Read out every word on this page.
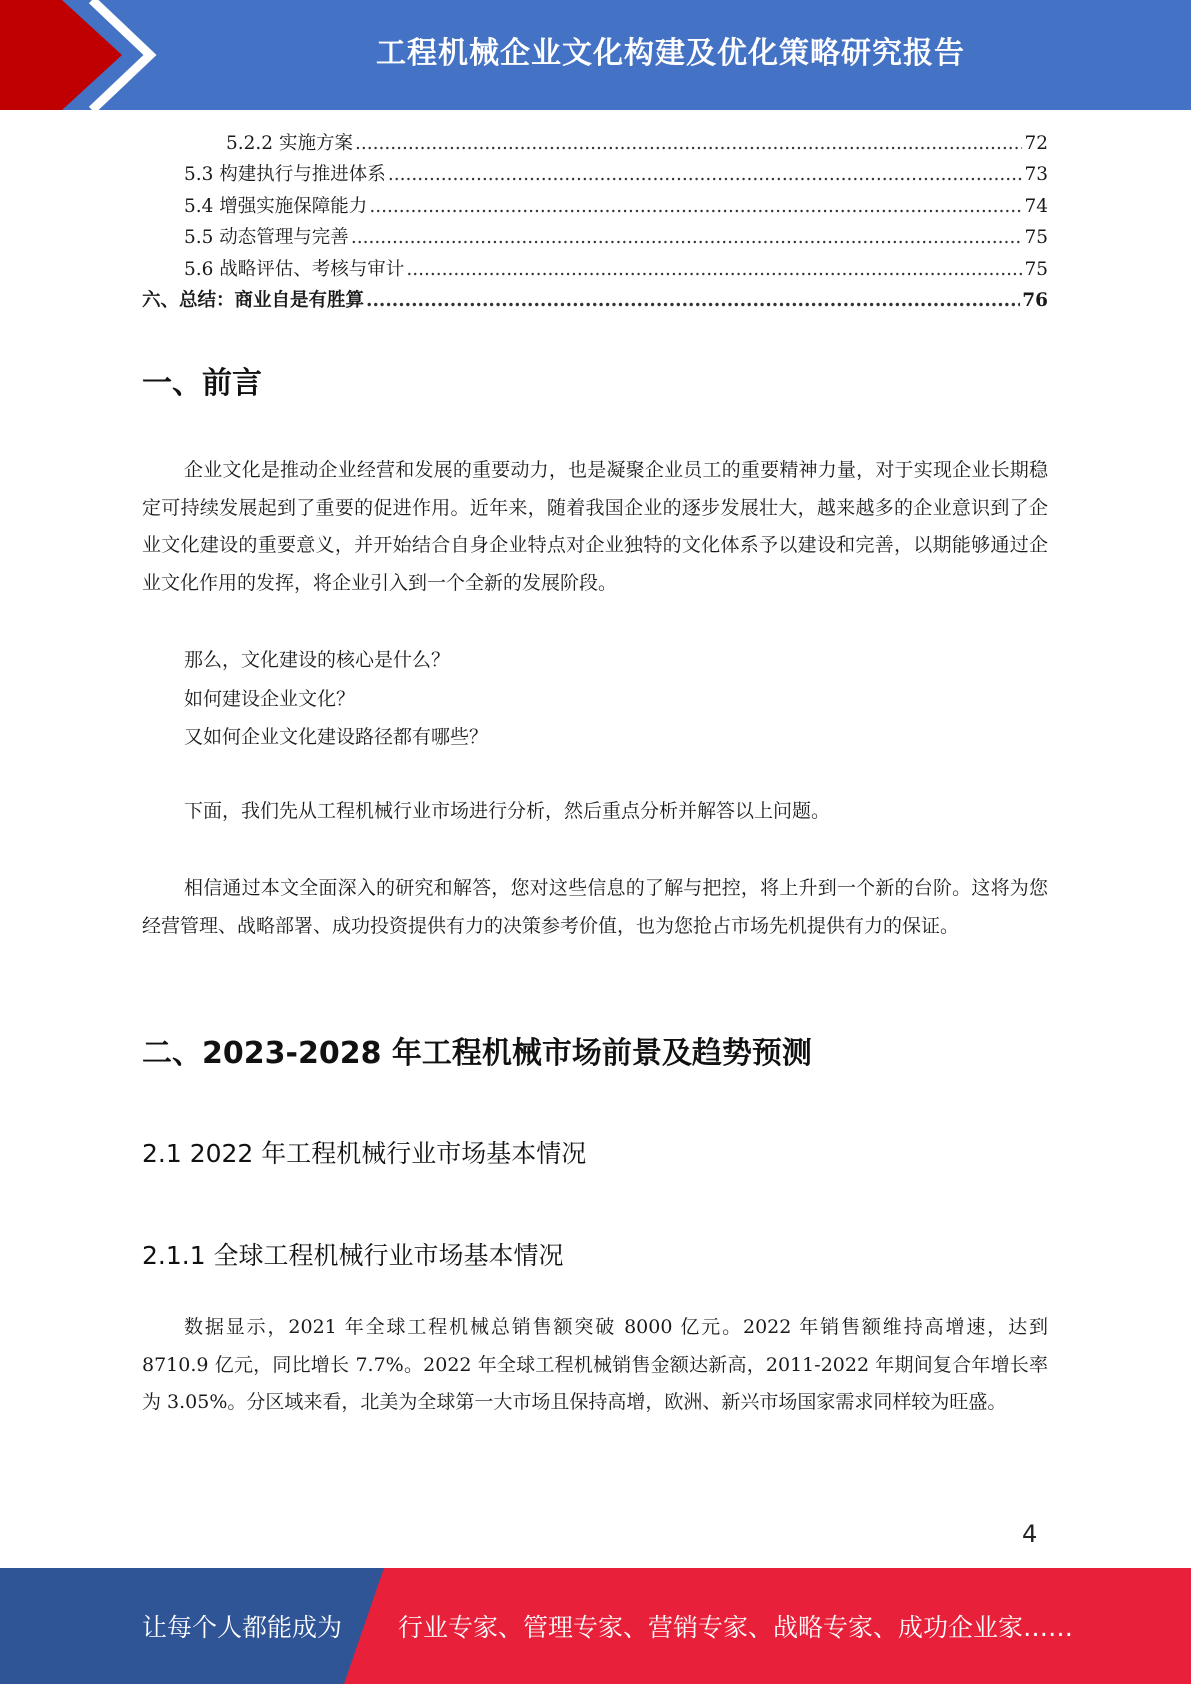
工程机械企业文化构建及优化策略研究报告
5.2.2 实施方案 .....	72
5.3 构建执行与推进体系 .....	73
5.4 增强实施保障能力 .....	74
5.5 动态管理与完善 .....	75
5.6 战略评估、考核与审计 .....	75
六、总结：商业自是有胜算 .....	76
一、前言

企业文化是推动企业经营和发展的重要动力，也是凝聚企业员工的重要精神力量，对于实现企业长期稳定可持续发展起到了重要的促进作用。近年来，随着我国企业的逐步发展壮大，越来越多的企业意识到了企业文化建设的重要意义，并开始结合自身企业特点对企业独特的文化体系予以建设和完善，以期能够通过企业文化作用的发挥，将企业引入到一个全新的发展阶段。

那么，文化建设的核心是什么？

如何建设企业文化？

又如何企业文化建设路径都有哪些？

下面，我们先从工程机械行业市场进行分析，然后重点分析并解答以上问题。

相信通过本文全面深入的研究和解答，您对这些信息的了解与把控，将上升到一个新的台阶。这将为您经营管理、战略部署、成功投资提供有力的决策参考价值，也为您抢占市场先机提供有力的保证。

二、2023-2028 年工程机械市场前景及趋势预测
2.1 2022 年工程机械行业市场基本情况
2.1.1 全球工程机械行业市场基本情况

数据显示，2021 年全球工程机械总销售额突破 8000 亿元。2022 年销售额维持高增速，达到 8710.9 亿元，同比增长 7.7%。2022 年全球工程机械销售金额达新高，2011-2022 年期间复合年增长率为 3.05%。分区域来看，北美为全球第一大市场且保持高增，欧洲、新兴市场国家需求同样较为旺盛。

4
让每个人都能成为 行业专家、管理专家、营销专家、战略专家、成功企业家……
